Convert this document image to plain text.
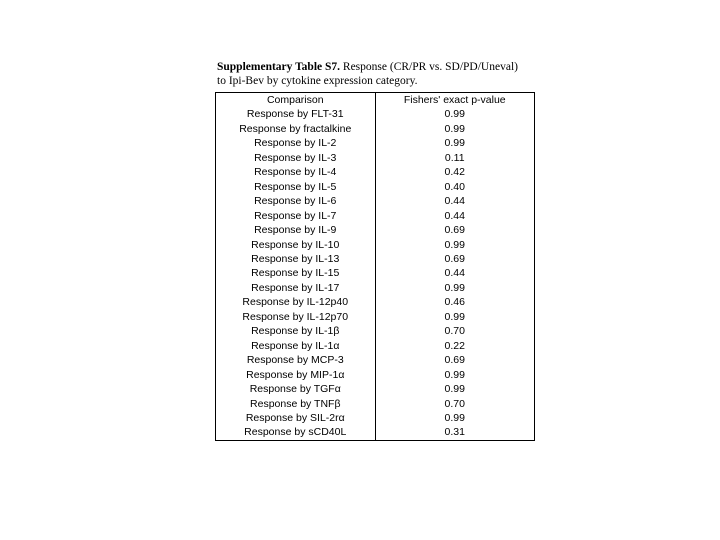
Supplementary Table S7. Response (CR/PR vs. SD/PD/Uneval)
to Ipi-Bev by cytokine expression category.
Comparison	Fishers' exact p-value
Response by FLT-31	0.99
Response by fractalkine	0.99
Response by IL-2	0.99
Response by IL-3	0.11
Response by IL-4	0.42
Response by IL-5	0.40
Response by IL-6	0.44
Response by IL-7	0.44
Response by IL-9	0.69
Response by IL-10	0.99
Response by IL-13	0.69
Response by IL-15	0.44
Response by IL-17	0.99
Response by IL-12p40	0.46
Response by IL-12p70	0.99
Response by IL-1β	0.70
Response by IL-1α	0.22
Response by MCP-3	0.69
Response by MIP-1α	0.99
Response by TGFα	0.99
Response by TNFβ	0.70
Response by SIL-2rα	0.99
Response by sCD40L	0.31
